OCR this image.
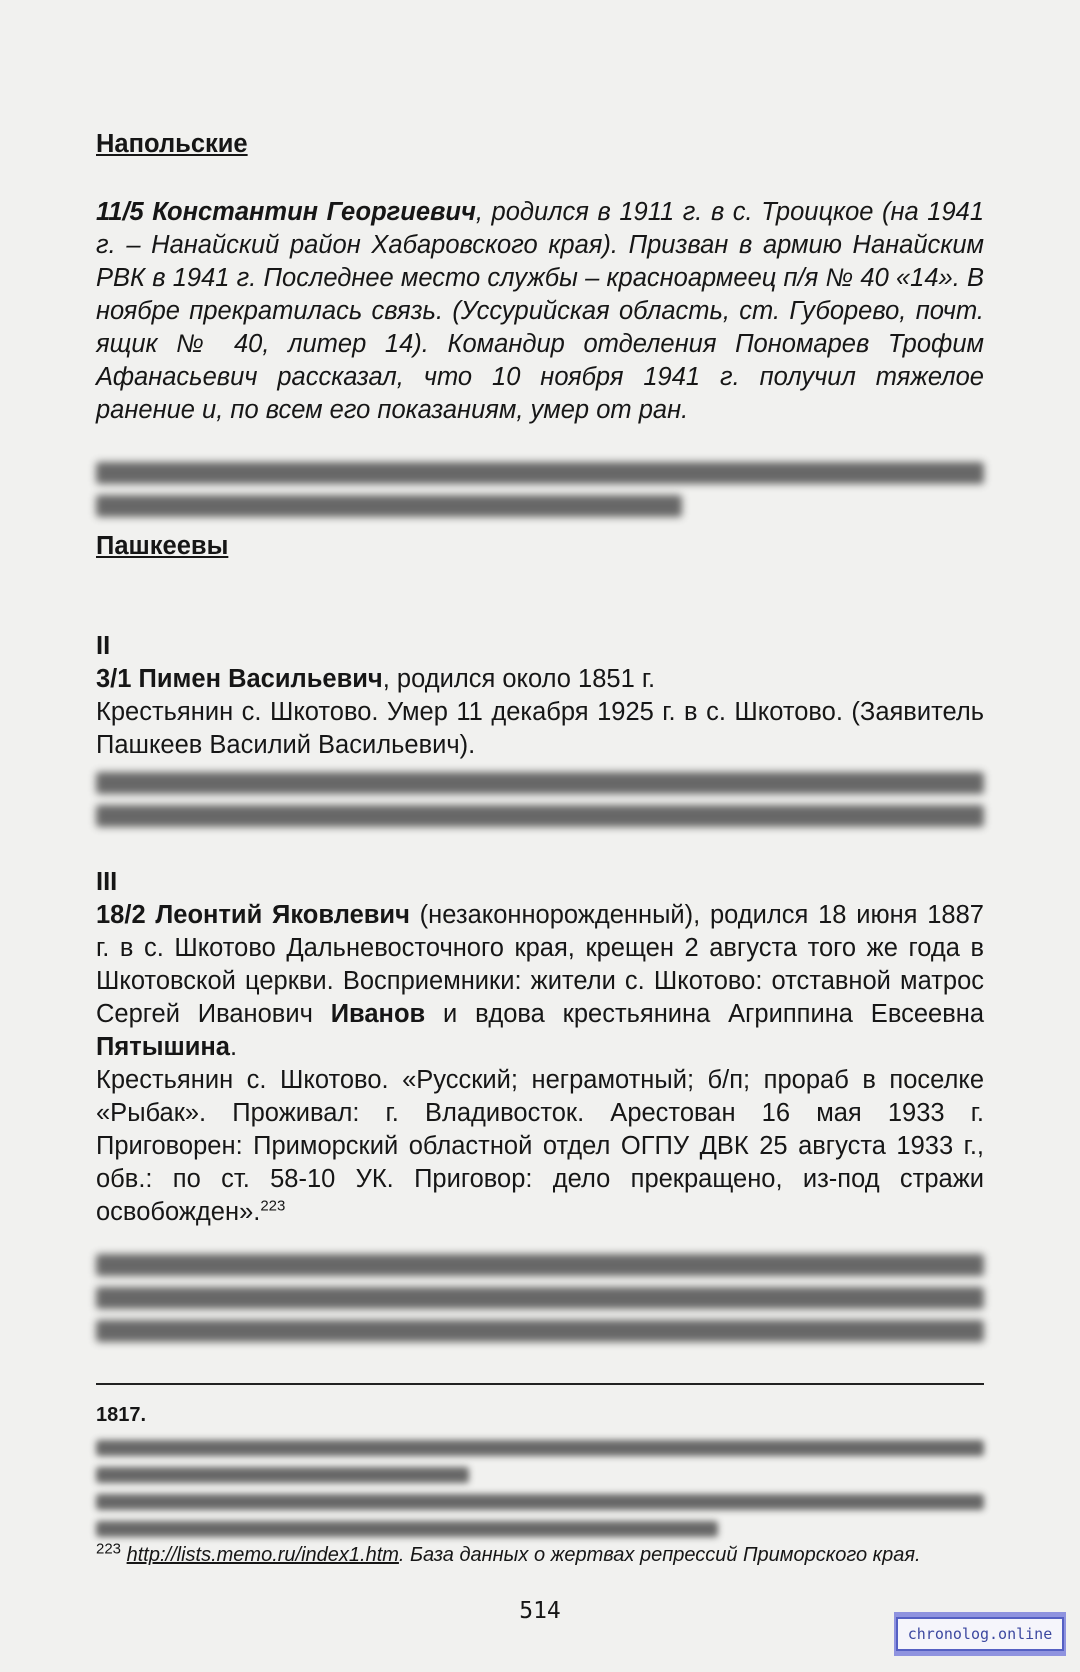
Напольские

11/5 Константин Георгиевич, родился в 1911 г. в с. Троицкое (на 1941 г. – Нанайский район Хабаровского края). Призван в армию Нанайским РВК в 1941 г. Последнее место службы – красноармеец п/я № 40 «14». В ноябре прекратилась связь. (Уссурийская область, ст. Губорево, почт. ящик № 40, литер 14). Командир отделения Пономарев Трофим Афанасьевич рассказал, что 10 ноября 1941 г. получил тяжелое ранение и, по всем его показаниям, умер от ран.

Пашкеевы

II

3/1 Пимен Васильевич, родился около 1851 г.

Крестьянин с. Шкотово. Умер 11 декабря 1925 г. в с. Шкотово. (Заявитель Пашкеев Василий Васильевич).

III

18/2 Леонтий Яковлевич (незаконнорожденный), родился 18 июня 1887 г. в с. Шкотово Дальневосточного края, крещен 2 августа того же года в Шкотовской церкви. Восприемники: жители с. Шкотово: отставной матрос Сергей Иванович Иванов и вдова крестьянина Агриппина Евсеевна Пятышина.

Крестьянин с. Шкотово. «Русский; неграмотный; б/п; прораб в поселке «Рыбак». Проживал: г. Владивосток. Арестован 16 мая 1933 г. Приговорен: Приморский областной отдел ОГПУ ДВК 25 августа 1933 г., обв.: по ст. 58-10 УК. Приговор: дело прекращено, из-под стражи освобожден».$^{223}$

1817.

$^{223}$ http://lists.memo.ru/index1.htm. База данных о жертвах репрессий Приморского края.

514
chronolog.online
